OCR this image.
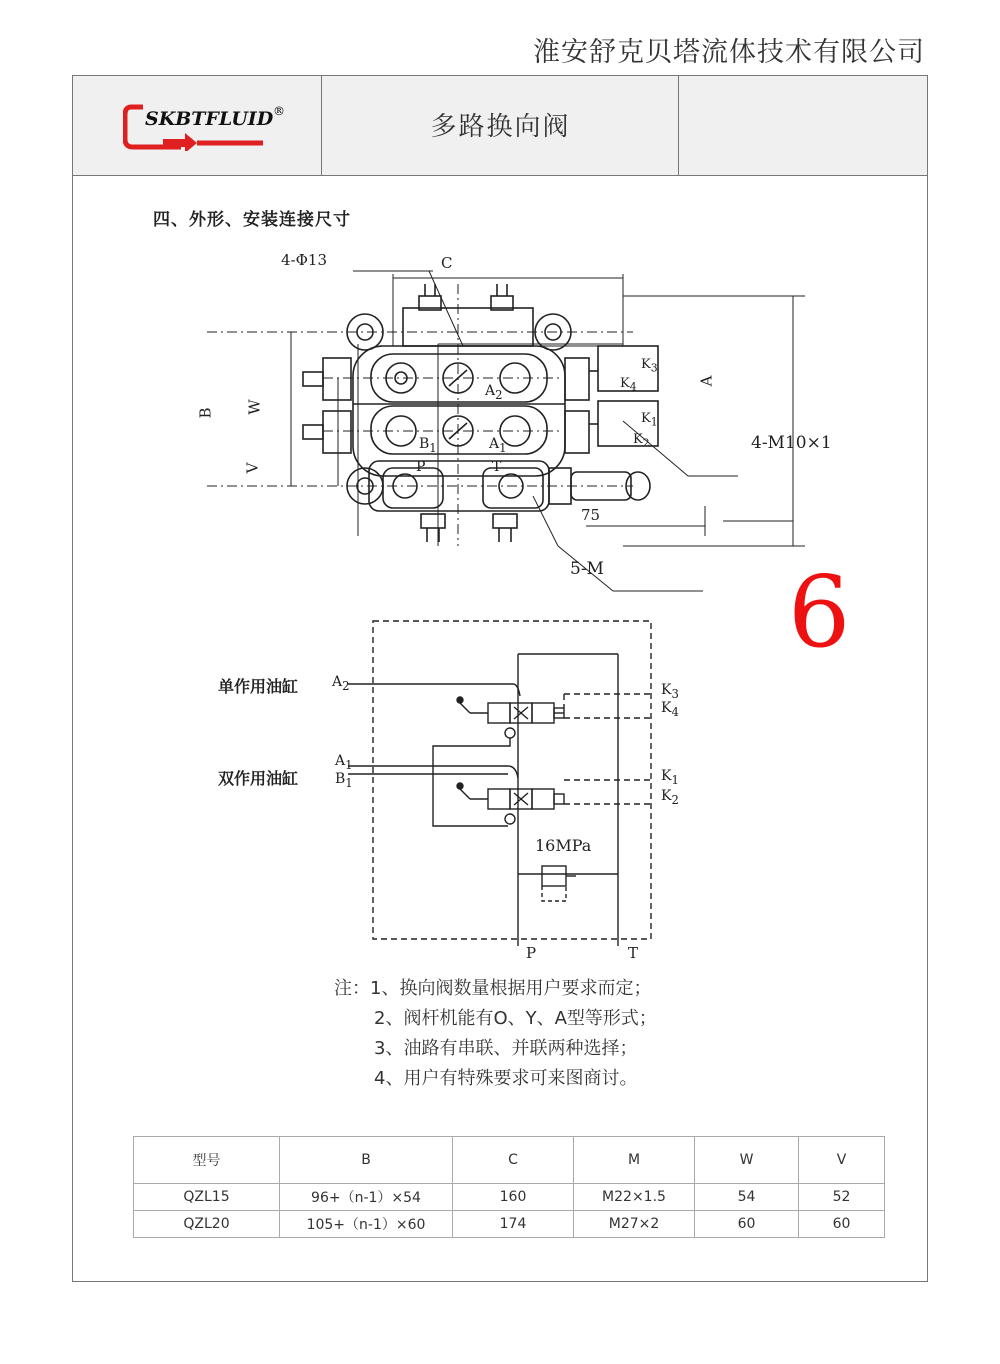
淮安舒克贝塔流体技术有限公司
SKBTFLUID ®
多路换向阀
四、外形、安装连接尺寸
4-Φ13	C
A
B W
V
4-M10×1
5-M
75
$A_2$
$B_1$	$A_1$
P	T
$K_3$
$K_4$
$K_1$
$K_2$
6
单作用油缸
双作用油缸
$A_2$
$A_1$
$B_1$
$K_3$
$K_4$
$K_1$
$K_2$
16MPa
P	T
注：1、换向阀数量根据用户要求而定；
2、阀杆机能有O、Y、A型等形式；
3、油路有串联、并联两种选择；
4、用户有特殊要求可来图商讨。
型号	B	C	M	W	V
QZL15	96+（n-1）×54	160	M22×1.5	54	52
QZL20	105+（n-1）×60	174	M27×2	60	60
